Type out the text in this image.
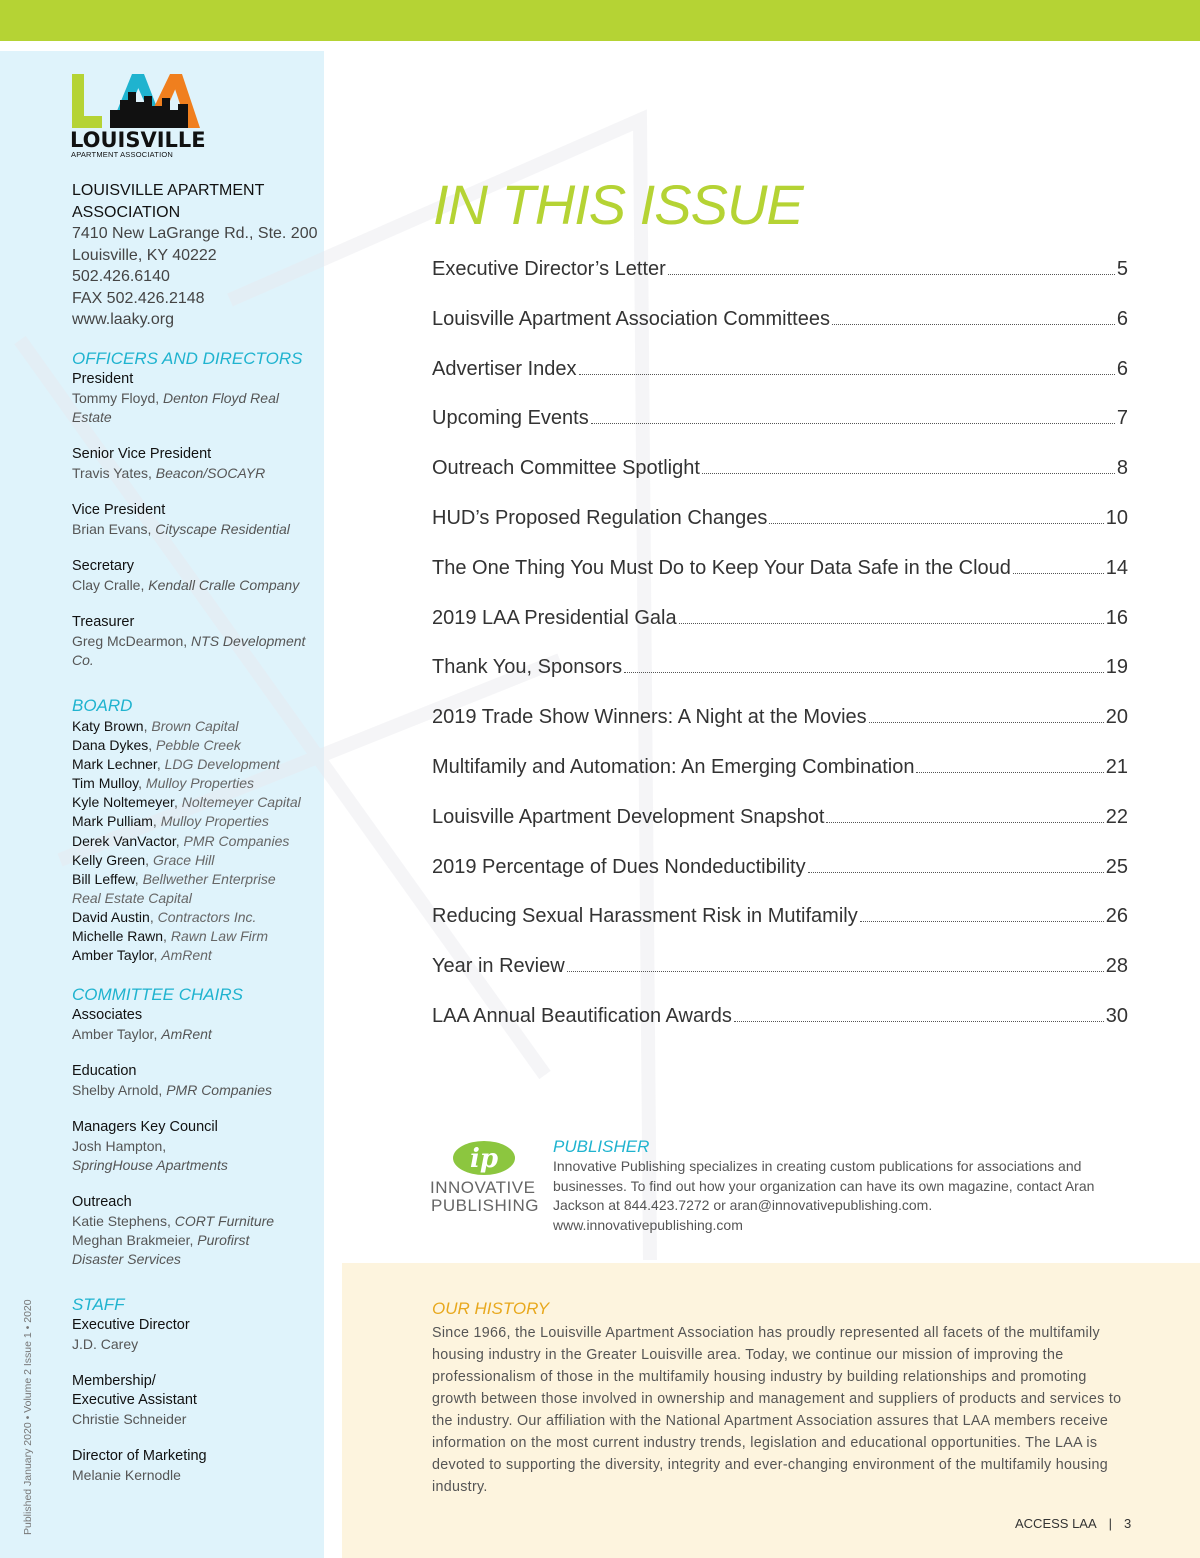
LOUISVILLE
APARTMENT ASSOCIATION
LOUISVILLE APARTMENT ASSOCIATION
7410 New LaGrange Rd., Ste. 200
Louisville, KY 40222
502.426.6140
FAX 502.426.2148
www.laaky.org
OFFICERS AND DIRECTORS
President
Tommy Floyd, Denton Floyd Real Estate
Senior Vice President
Travis Yates, Beacon/SOCAYR
Vice President
Brian Evans, Cityscape Residential
Secretary
Clay Cralle, Kendall Cralle Company
Treasurer
Greg McDearmon, NTS Development Co.
BOARD
Katy Brown, Brown Capital
Dana Dykes, Pebble Creek
Mark Lechner, LDG Development
Tim Mulloy, Mulloy Properties
Kyle Noltemeyer, Noltemeyer Capital
Mark Pulliam, Mulloy Properties
Derek VanVactor, PMR Companies
Kelly Green, Grace Hill
Bill Leffew, Bellwether Enterprise
Real Estate Capital
David Austin, Contractors Inc.
Michelle Rawn, Rawn Law Firm
Amber Taylor, AmRent
COMMITTEE CHAIRS
Associates
Amber Taylor, AmRent
Education
Shelby Arnold, PMR Companies
Managers Key Council
Josh Hampton,
SpringHouse Apartments
Outreach
Katie Stephens, CORT Furniture
Meghan Brakmeier, Purofirst
Disaster Services
STAFF
Executive Director
J.D. Carey
Membership/
Executive Assistant
Christie Schneider
Director of Marketing
Melanie Kernodle
Published January 2020 • Volume 2 Issue 1 • 2020
IN THIS ISSUE
Executive Director’s Letter	5
Louisville Apartment Association Committees	6
Advertiser Index	6
Upcoming Events	7
Outreach Committee Spotlight	8
HUD’s Proposed Regulation Changes	10
The One Thing You Must Do to Keep Your Data Safe in the Cloud	14
2019 LAA Presidential Gala	16
Thank You, Sponsors	19
2019 Trade Show Winners: A Night at the Movies	20
Multifamily and Automation: An Emerging Combination	21
Louisville Apartment Development Snapshot	22
2019 Percentage of Dues Nondeductibility	25
Reducing Sexual Harassment Risk in Mutifamily	26
Year in Review	28
LAA Annual Beautification Awards	30
ip
INNOVATIVE
PUBLISHING
PUBLISHER
Innovative Publishing specializes in creating custom publications for associations and businesses. To find out how your organization can have its own magazine, contact Aran Jackson at 844.423.7272 or aran@innovativepublishing.com. www.innovativepublishing.com
OUR HISTORY
Since 1966, the Louisville Apartment Association has proudly represented all facets of the multifamily housing industry in the Greater Louisville area. Today, we continue our mission of improving the professionalism of those in the multifamily housing industry by building relationships and promoting growth between those involved in ownership and management and suppliers of products and services to the industry. Our affiliation with the National Apartment Association assures that LAA members receive information on the most current industry trends, legislation and educational opportunities. The LAA is devoted to supporting the diversity, integrity and ever-changing environment of the multifamily housing industry.
ACCESS LAA | 3
